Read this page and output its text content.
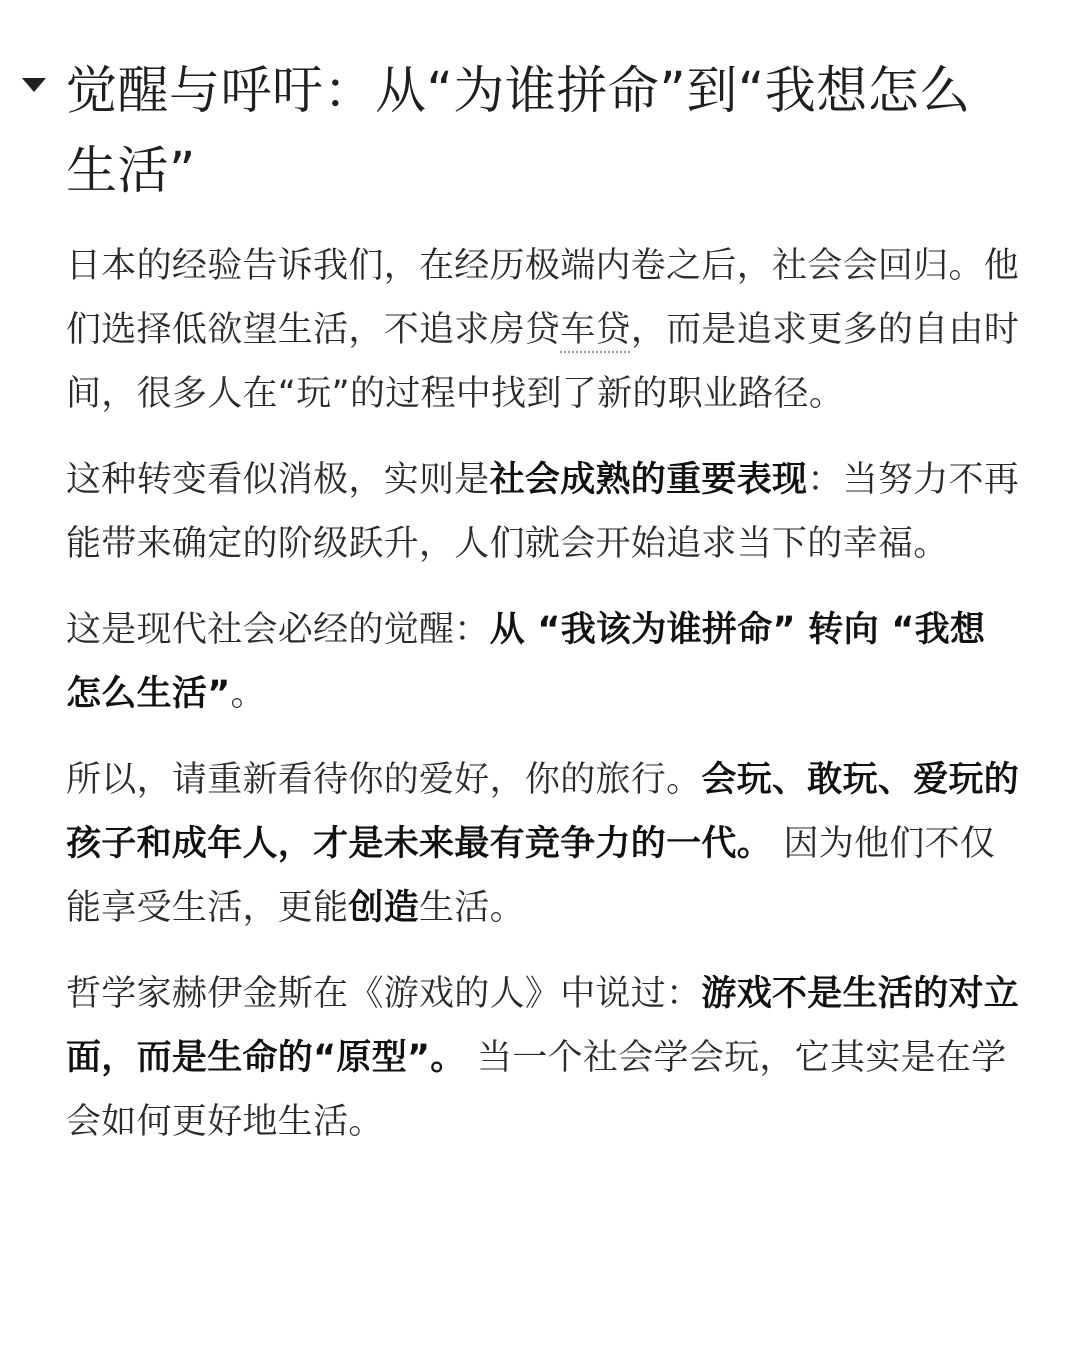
觉醒与呼吁：从“为谁拼命”到“我想怎么生活”

日本的经验告诉我们，在经历极端内卷之后，社会会回归。他们选择低欲望生活，不追求房贷车贷，而是追求更多的自由时间，很多人在“玩”的过程中找到了新的职业路径。

这种转变看似消极，实则是社会成熟的重要表现：当努力不再能带来确定的阶级跃升，人们就会开始追求当下的幸福。

这是现代社会必经的觉醒：从 “我该为谁拼命” 转向 “我想怎么生活”。

所以，请重新看待你的爱好，你的旅行。会玩、敢玩、爱玩的孩子和成年人，才是未来最有竞争力的一代。 因为他们不仅能享受生活，更能创造生活。

哲学家赫伊金斯在《游戏的人》中说过：游戏不是生活的对立面，而是生命的“原型”。 当一个社会学会玩，它其实是在学会如何更好地生活。
